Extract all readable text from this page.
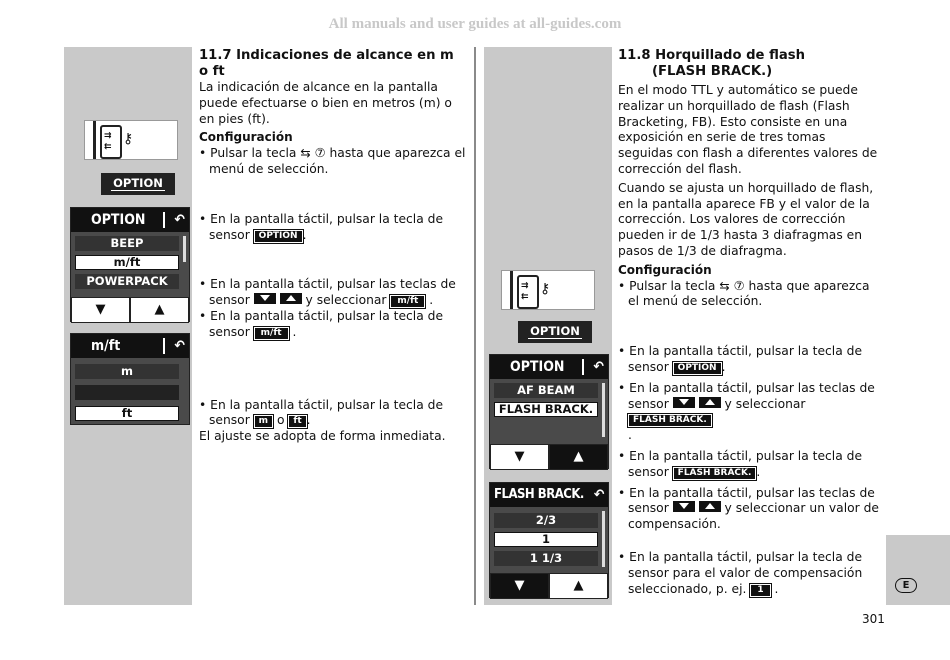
All manuals and user guides at all-guides.com
⇉
⇇ ⚷
OPTION
OPTION ↶
BEEP
m/ft
POWERPACK
▼	▲
m/ft	↶
m
ft

11.7 Indicaciones de alcance en m o ft

La indicación de alcance en la pantalla puede efectuarse o bien en metros (m) o en pies (ft).

Configuración

• Pulsar la tecla ⇆ ⑦ hasta que aparezca el menú de selección.

• En la pantalla táctil, pulsar la tecla de sensor OPTION .

• En la pantalla táctil, pulsar las teclas de sensor
	y seleccionar m/ft .

• En la pantalla táctil, pulsar la tecla de sensor m/ft .

• En la pantalla táctil, pulsar la tecla de sensor m o ft .

El ajuste se adopta de forma inmediata.

⇉
⇇ ⚷
OPTION
OPTION ↶
AF BEAM
FLASH BRACK.
▼	▲
FLASH BRACK. ↶
2/3
1
1 1/3
▼	▲

11.8 Horquillado de flash

(FLASH BRACK.)

En el modo TTL y automático se puede realizar un horquillado de flash (Flash Bracketing, FB). Esto consiste en una exposición en serie de tres tomas seguidas con flash a diferentes valores de corrección del flash.

Cuando se ajusta un horquillado de flash, en la pantalla aparece FB y el valor de la corrección. Los valores de corrección pueden ir de 1/3 hasta 3 diafragmas en pasos de 1/3 de diafragma.

Configuración

• Pulsar la tecla ⇆ ⑦ hasta que aparezca el menú de selección.

• En la pantalla táctil, pulsar la tecla de sensor OPTION .

• En la pantalla táctil, pulsar las teclas de sensor
	y seleccionar FLASH BRACK.
.

• En la pantalla táctil, pulsar la tecla de sensor FLASH BRACK. .

• En la pantalla táctil, pulsar las teclas de sensor
	y seleccionar un valor de compensación.

• En la pantalla táctil, pulsar la tecla de sensor para el valor de compensación seleccionado, p. ej. 1 .	E
301
